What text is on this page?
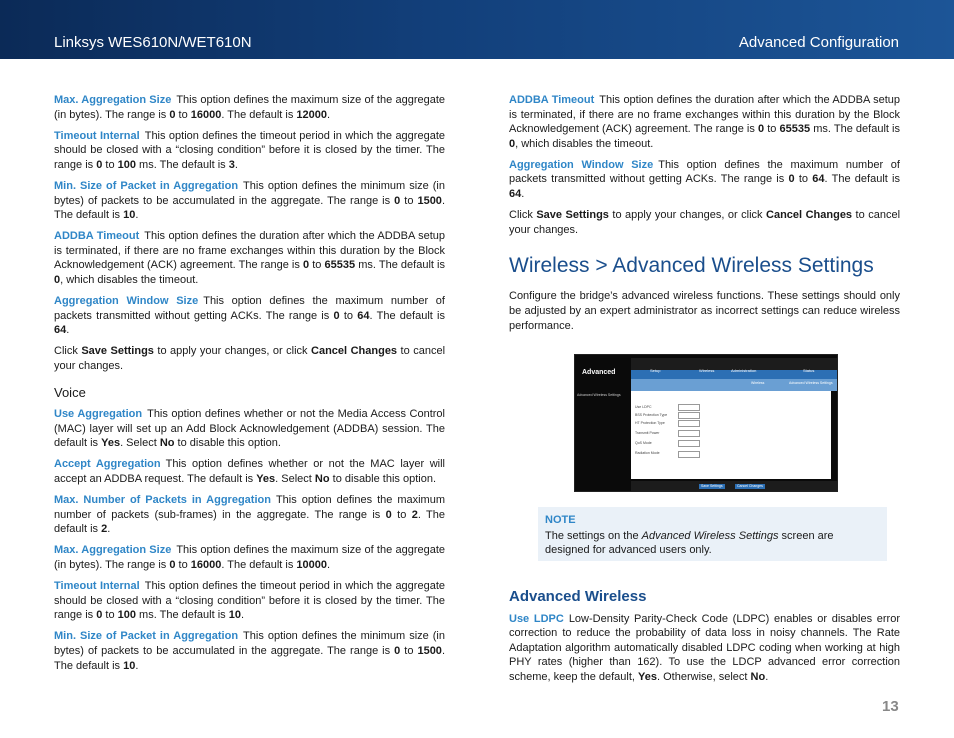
Linksys WES610N/WET610N	Advanced Configuration

Max. Aggregation Size This option defines the maximum size of the aggregate (in bytes). The range is 0 to 16000. The default is 12000.

Timeout Internal This option defines the timeout period in which the aggregate should be closed with a “closing condition” before it is closed by the timer. The range is 0 to 100 ms. The default is 3.

Min. Size of Packet in Aggregation This option defines the minimum size (in bytes) of packets to be accumulated in the aggregate. The range is 0 to 1500. The default is 10.

ADDBA Timeout This option defines the duration after which the ADDBA setup is terminated, if there are no frame exchanges within this duration by the Block Acknowledgement (ACK) agreement. The range is 0 to 65535 ms. The default is 0, which disables the timeout.

Aggregation Window Size This option defines the maximum number of packets transmitted without getting ACKs. The range is 0 to 64. The default is 64.

Click Save Settings to apply your changes, or click Cancel Changes to cancel your changes.

Voice

Use Aggregation This option defines whether or not the Media Access Control (MAC) layer will set up an Add Block Acknowledgement (ADDBA) session. The default is Yes. Select No to disable this option.

Accept Aggregation This option defines whether or not the MAC layer will accept an ADDBA request. The default is Yes. Select No to disable this option.

Max. Number of Packets in Aggregation This option defines the maximum number of packets (sub-frames) in the aggregate. The range is 0 to 2. The default is 2.

Max. Aggregation Size This option defines the maximum size of the aggregate (in bytes). The range is 0 to 16000. The default is 10000.

Timeout Internal This option defines the timeout period in which the aggregate should be closed with a “closing condition” before it is closed by the timer. The range is 0 to 100 ms. The default is 10.

Min. Size of Packet in Aggregation This option defines the minimum size (in bytes) of packets to be accumulated in the aggregate. The range is 0 to 1500. The default is 10.

ADDBA Timeout This option defines the duration after which the ADDBA setup is terminated, if there are no frame exchanges within this duration by the Block Acknowledgement (ACK) agreement. The range is 0 to 65535 ms. The default is 0, which disables the timeout.

Aggregation Window Size This option defines the maximum number of packets transmitted without getting ACKs. The range is 0 to 64. The default is 64.

Click Save Settings to apply your changes, or click Cancel Changes to cancel your changes.

Wireless > Advanced Wireless Settings

Configure the bridge’s advanced wireless functions. These settings should only be adjusted by an expert administrator as incorrect settings can reduce wireless performance.

Advanced	Setup	Wireless	Administration	Status
Wireless	Advanced Wireless Settings
Advanced Wireless Settings
Use LDPC
BSS Protection Type
HT Protection Type
Transmit Power
QoS Mode
Radiation Mode
Save Settings	Cancel Changes
NOTE
The settings on the Advanced Wireless Settings screen are designed for advanced users only.
Advanced Wireless

Use LDPC Low-Density Parity-Check Code (LDPC) enables or disables error correction to reduce the probability of data loss in noisy channels. The Rate Adaptation algorithm automatically disabled LDPC coding when working at high PHY rates (higher than 162). To use the LDCP advanced error correction scheme, keep the default, Yes. Otherwise, select No.

13
